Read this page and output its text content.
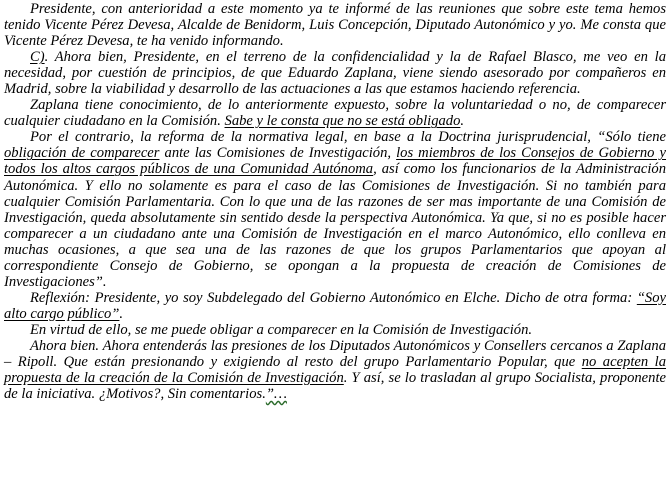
Presidente, con anterioridad a este momento ya te informé de las reuniones que sobre este tema hemos tenido Vicente Pérez Devesa, Alcalde de Benidorm, Luis Concepción, Diputado Autonómico y yo. Me consta que Vicente Pérez Devesa, te ha venido informando.

C). Ahora bien, Presidente, en el terreno de la confidencialidad y la de Rafael Blasco, me veo en la necesidad, por cuestión de principios, de que Eduardo Zaplana, viene siendo asesorado por compañeros en Madrid, sobre la viabilidad y desarrollo de las actuaciones a las que estamos haciendo referencia.

Zaplana tiene conocimiento, de lo anteriormente expuesto, sobre la voluntariedad o no, de comparecer cualquier ciudadano en la Comisión. Sabe y le consta que no se está obligado.

Por el contrario, la reforma de la normativa legal, en base a la Doctrina jurisprudencial, “Sólo tiene obligación de comparecer ante las Comisiones de Investigación, los miembros de los Consejos de Gobierno y todos los altos cargos públicos de una Comunidad Autónoma, así como los funcionarios de la Administración Autonómica. Y ello no solamente es para el caso de las Comisiones de Investigación. Si no también para cualquier Comisión Parlamentaria. Con lo que una de las razones de ser mas importante de una Comisión de Investigación, queda absolutamente sin sentido desde la perspectiva Autonómica. Ya que, si no es posible hacer comparecer a un ciudadano ante una Comisión de Investigación en el marco Autonómico, ello conlleva en muchas ocasiones, a que sea una de las razones de que los grupos Parlamentarios que apoyan al correspondiente Consejo de Gobierno, se opongan a la propuesta de creación de Comisiones de Investigaciones”.

Reflexión: Presidente, yo soy Subdelegado del Gobierno Autonómico en Elche. Dicho de otra forma: “Soy alto cargo público”.

En virtud de ello, se me puede obligar a comparecer en la Comisión de Investigación.

Ahora bien. Ahora entenderás las presiones de los Diputados Autonómicos y Consellers cercanos a Zaplana – Ripoll. Que están presionando y exigiendo al resto del grupo Parlamentario Popular, que no acepten la propuesta de la creación de la Comisión de Investigación. Y así, se lo trasladan al grupo Socialista, proponente de la iniciativa. ¿Motivos?, Sin comentarios.”…
